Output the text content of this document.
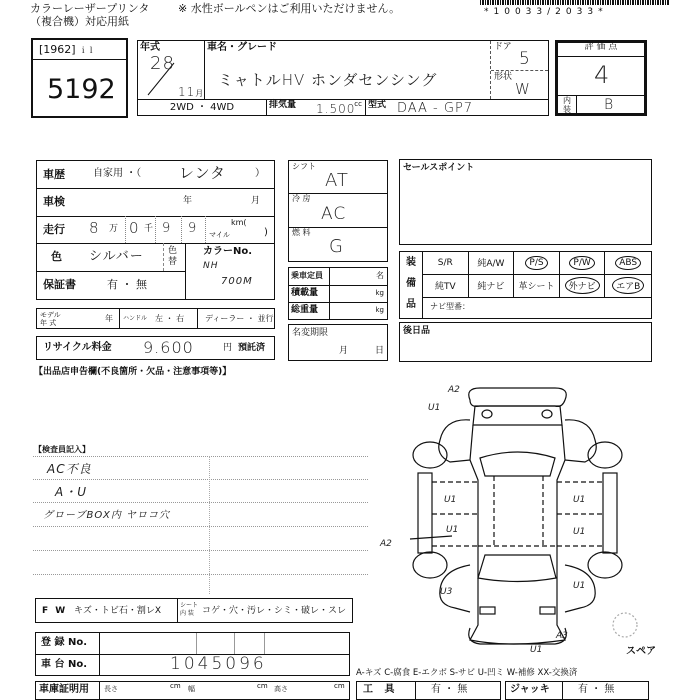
カラーレーザープリンタ
（複合機）対応用紙
※ 水性ボールペンはご利用いただけません。	*10033/2033*
[1962] ｉｌ
5192
年式
28
11月
車名・グレード
ミャトルHV ホンダセンシング
ドア
5
形状
W
2WD ・ 4WD	排気量	cc
1.500 型式 DAA - GP7
評 価 点
4
内
装	B
車歴	自家用 ・（	レンタ	）
車検	年	月
走行 8 万 0 千 9 9	km(
マイル	)
色 シルバー	色
替
カラーNo.
NH
700M
保証書	有 ・ 無
モデル
年 式	年 ハンドル 左 ・ 右	ディーラー ・ 並行
リサイクル料金 9.600	円 預託済
シフト
AT
冷 房
AC
燃 料
G
乗車定員	名
積載量	kg
総重量	kg
名変期限
月	日
セールスポイント
装
備
品
S/R	純A/W	P/S	P/W	ABS
純TV 純ナビ 革シート	外ナビ	エアB
ナビ型番：
後日品
【出品店申告欄(不良箇所・欠品・注意事項等)】
【検査員記入】
AC不良
A・U
グローブBOX内 ヤロコ穴
A2
U1
U1
U1
A2
U1
U1
U3
U1
A3
U1	スペア
F W キズ・トビ石・割レX
シート
内 装 コゲ・穴・汚レ・シミ・破レ・スレ
登 録 No.
車 台 No.	1045096
車庫証明用 長さ	cm 幅	cm 高さ	cm
A-キズ C-腐食 E-エクボ S-サビ U-凹ミ W-補修 XX-交換済
工 具	有 ・ 無	ジャッキ	有 ・ 無
